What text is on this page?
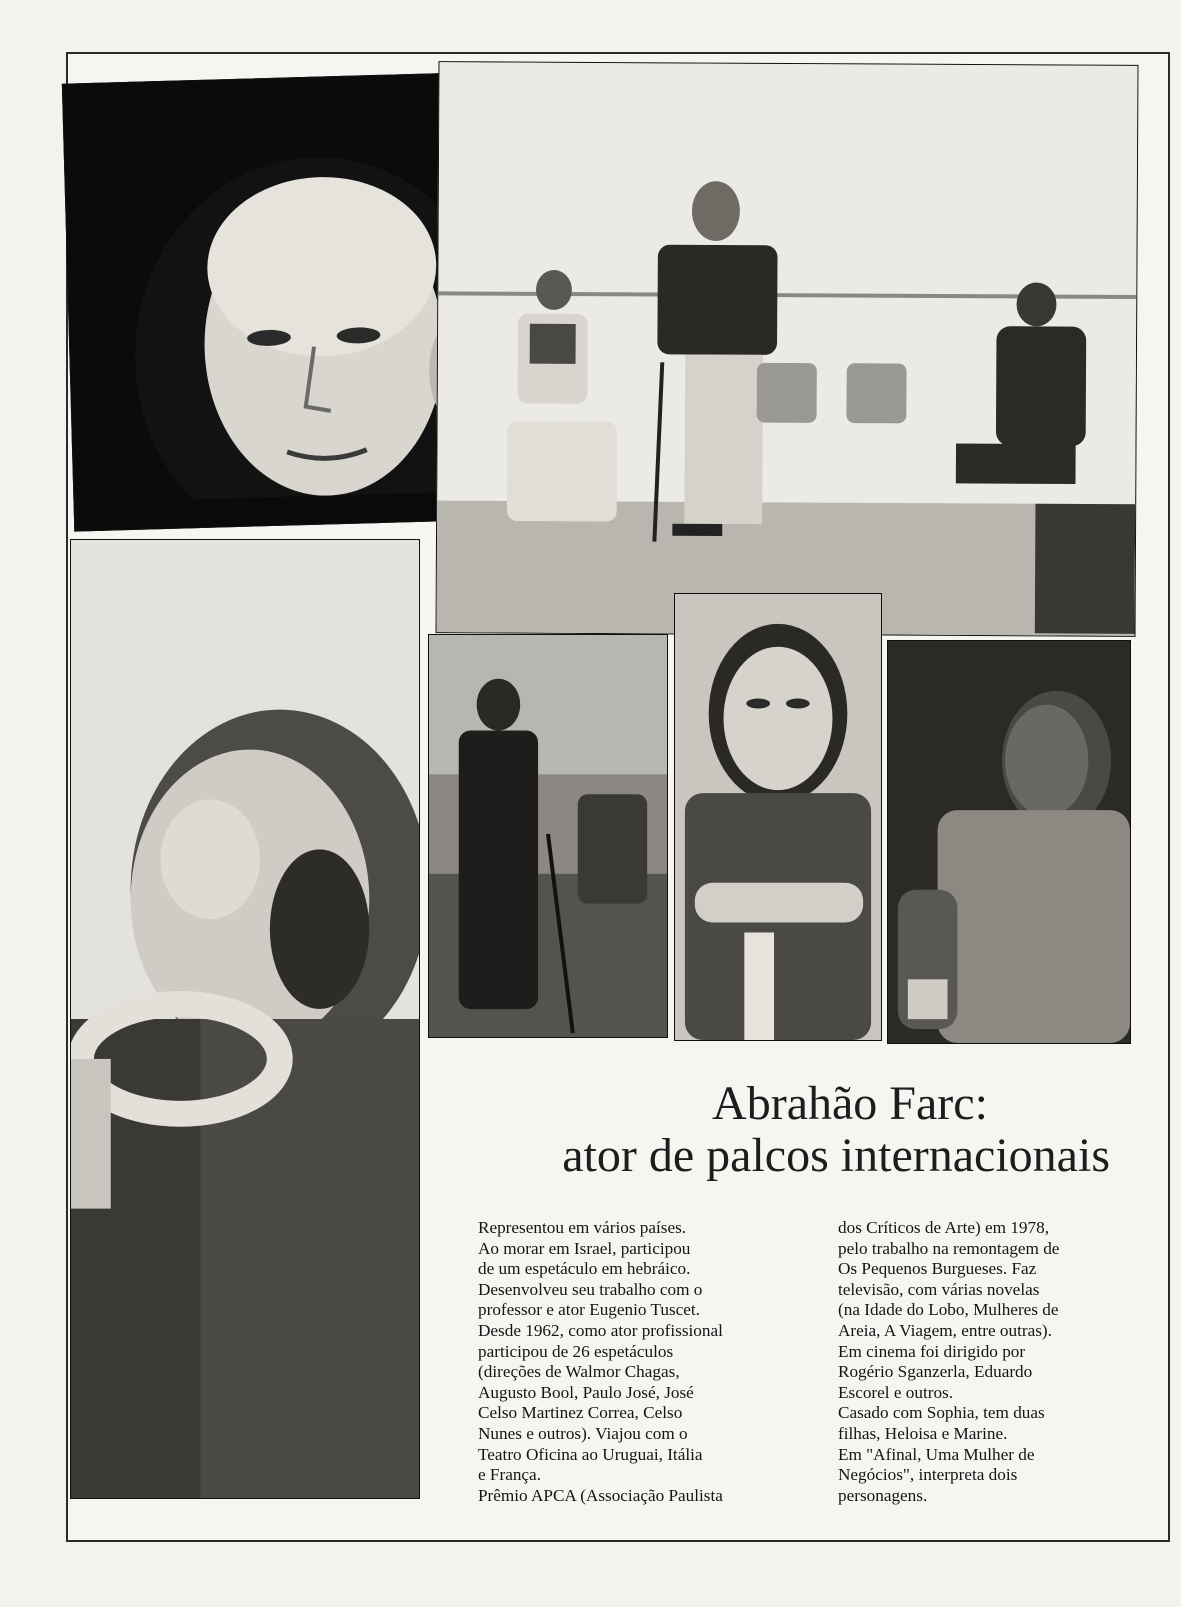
Abrahão Farc:
ator de palcos internacionais

Representou em vários países.

Ao morar em Israel, participou

de um espetáculo em hebráico.

Desenvolveu seu trabalho com o

professor e ator Eugenio Tuscet.

Desde 1962, como ator profissional

participou de 26 espetáculos

(direções de Walmor Chagas,

Augusto Bool, Paulo José, José

Celso Martinez Correa, Celso

Nunes e outros). Viajou com o

Teatro Oficina ao Uruguai, Itália

e França.

Prêmio APCA (Associação Paulista

dos Críticos de Arte) em 1978,

pelo trabalho na remontagem de

Os Pequenos Burgueses. Faz

televisão, com várias novelas

(na Idade do Lobo, Mulheres de

Areia, A Viagem, entre outras).

Em cinema foi dirigido por

Rogério Sganzerla, Eduardo

Escorel e outros.

Casado com Sophia, tem duas

filhas, Heloisa e Marine.

Em "Afinal, Uma Mulher de

Negócios", interpreta dois

personagens.
